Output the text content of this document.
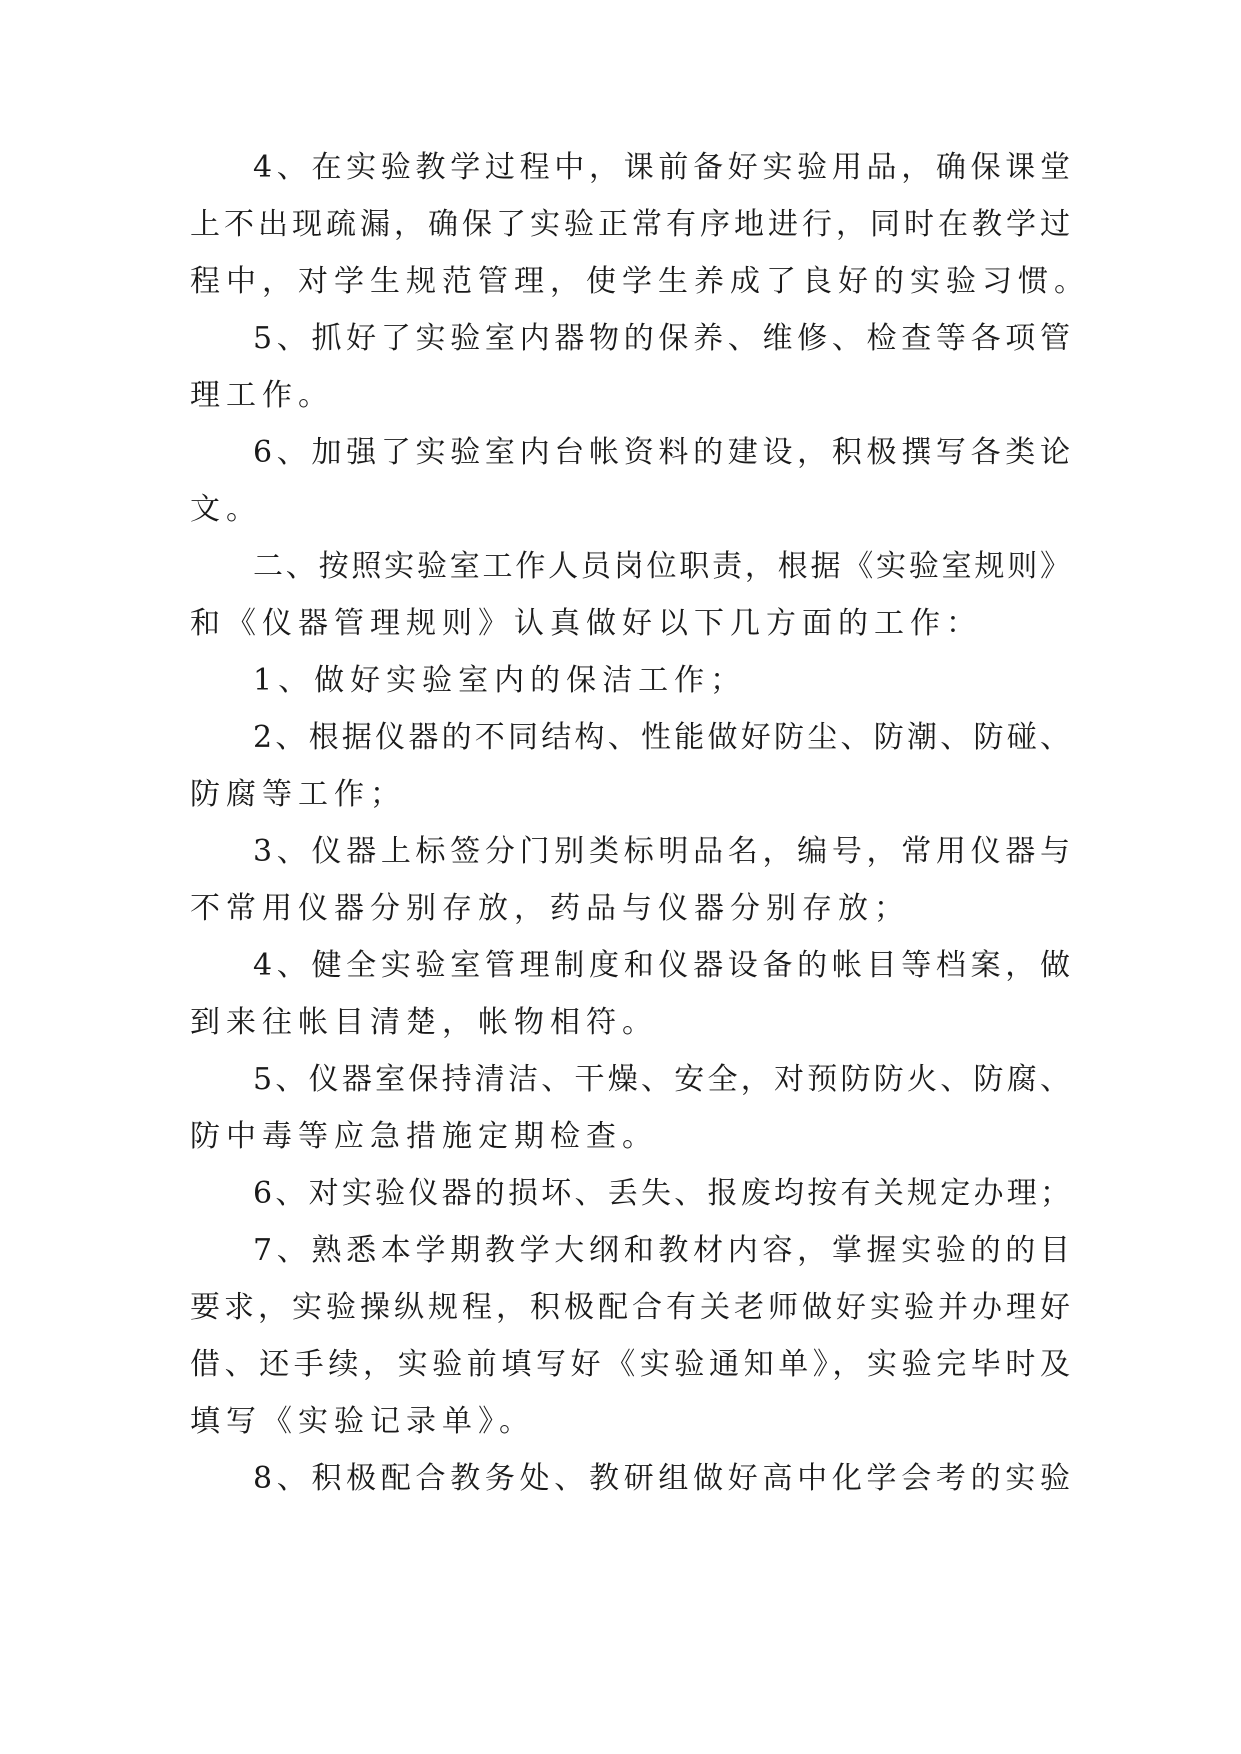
4、在实验教学过程中，课前备好实验用品，确保课堂
上不出现疏漏，确保了实验正常有序地进行，同时在教学过
程中，对学生规范管理，使学生养成了良好的实验习惯。
5、抓好了实验室内器物的保养、维修、检查等各项管
理工作。
6、加强了实验室内台帐资料的建设，积极撰写各类论
文。
二、按照实验室工作人员岗位职责，根据《实验室规则》
和《仪器管理规则》认真做好以下几方面的工作：
1、做好实验室内的保洁工作；
2、根据仪器的不同结构、性能做好防尘、防潮、防碰、
防腐等工作；
3、仪器上标签分门别类标明品名，编号，常用仪器与
不常用仪器分别存放，药品与仪器分别存放；
4、健全实验室管理制度和仪器设备的帐目等档案，做
到来往帐目清楚，帐物相符。
5、仪器室保持清洁、干燥、安全，对预防防火、防腐、
防中毒等应急措施定期检查。
6、对实验仪器的损坏、丢失、报废均按有关规定办理；
7、熟悉本学期教学大纲和教材内容，掌握实验的的目
要求，实验操纵规程，积极配合有关老师做好实验并办理好
借、还手续，实验前填写好《实验通知单》，实验完毕时及
填写《实验记录单》。
8、积极配合教务处、教研组做好高中化学会考的实验
